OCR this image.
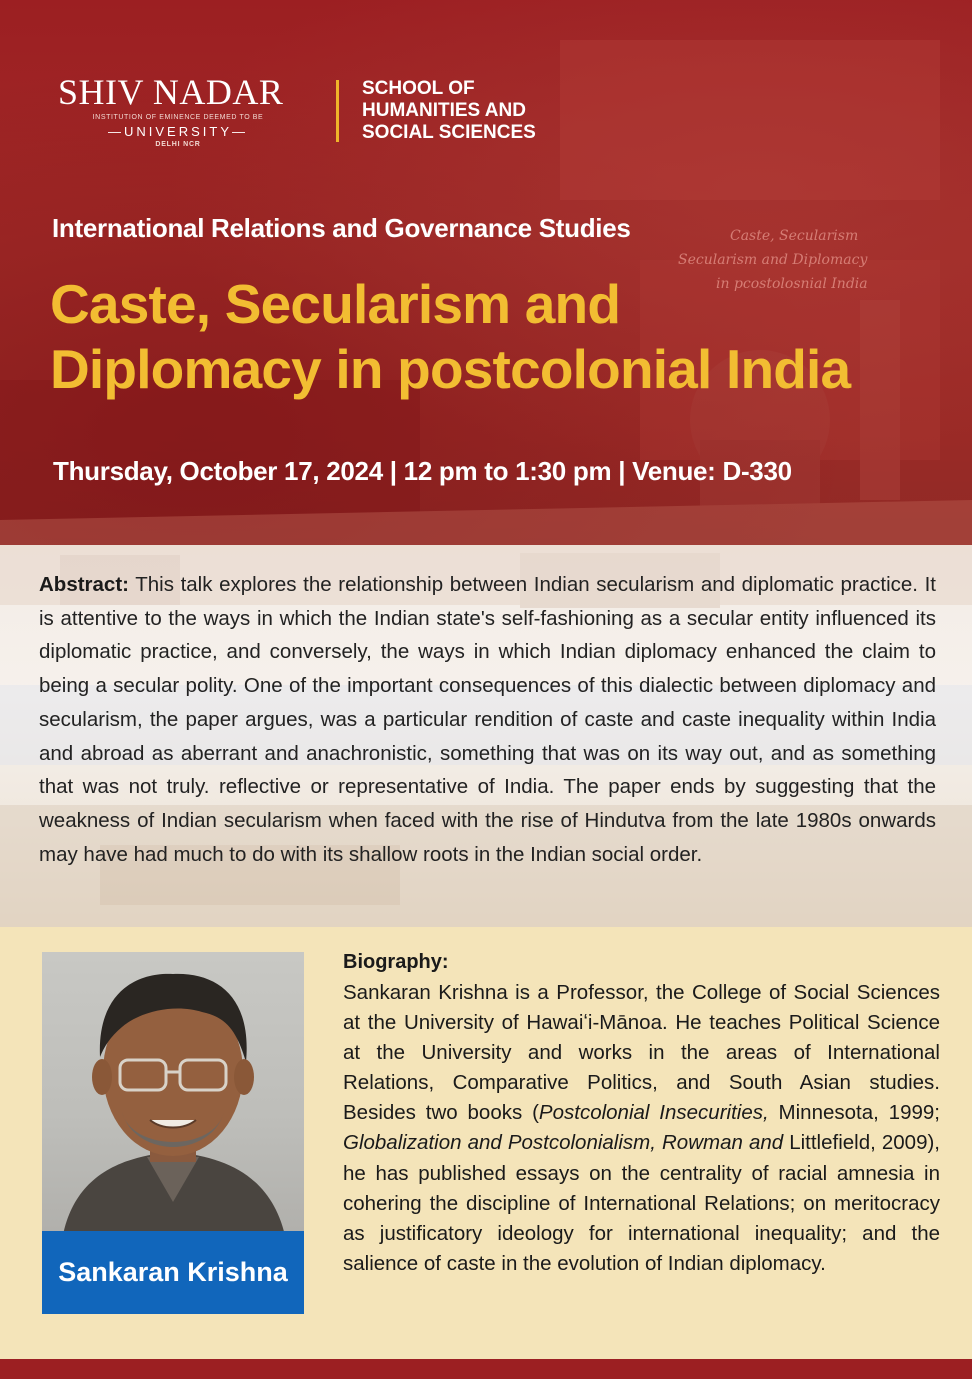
SHIV NADAR
INSTITUTION OF EMINENCE DEEMED TO BE
—UNIVERSITY—
DELHI NCR
SCHOOL OF
HUMANITIES AND
SOCIAL SCIENCES
Caste, Secularism
Secularism and Diplomacy
in pcostolosnial India
International Relations and Governance Studies
Caste, Secularism and
Diplomacy in postcolonial India
Thursday, October 17, 2024 | 12 pm to 1:30 pm | Venue: D-330
Abstract: This talk explores the relationship between Indian secularism and diplomatic practice. It is attentive to the ways in which the Indian state's self-fashioning as a secular entity influenced its diplomatic practice, and conversely, the ways in which Indian diplomacy enhanced the claim to being a secular polity. One of the important consequences of this dialectic between diplomacy and secularism, the paper argues, was a particular rendition of caste and caste inequality within India and abroad as aberrant and anachronistic, something that was on its way out, and as something that was not truly. reflective or representative of India. The paper ends by suggesting that the weakness of Indian secularism when faced with the rise of Hindutva from the late 1980s onwards may have had much to do with its shallow roots in the Indian social order.
Sankaran Krishna
Biography:
Sankaran Krishna is a Professor, the College of Social Sciences at the University of Hawaiʻi-Mānoa. He teaches Political Science at the University and works in the areas of International Relations, Comparative Politics, and South Asian studies. Besides two books (Postcolonial Insecurities, Minnesota, 1999; Globalization and Postcolonialism, Rowman and Littlefield, 2009), he has published essays on the centrality of racial amnesia in cohering the discipline of International Relations; on meritocracy as justificatory ideology for international inequality; and the salience of caste in the evolution of Indian diplomacy.
